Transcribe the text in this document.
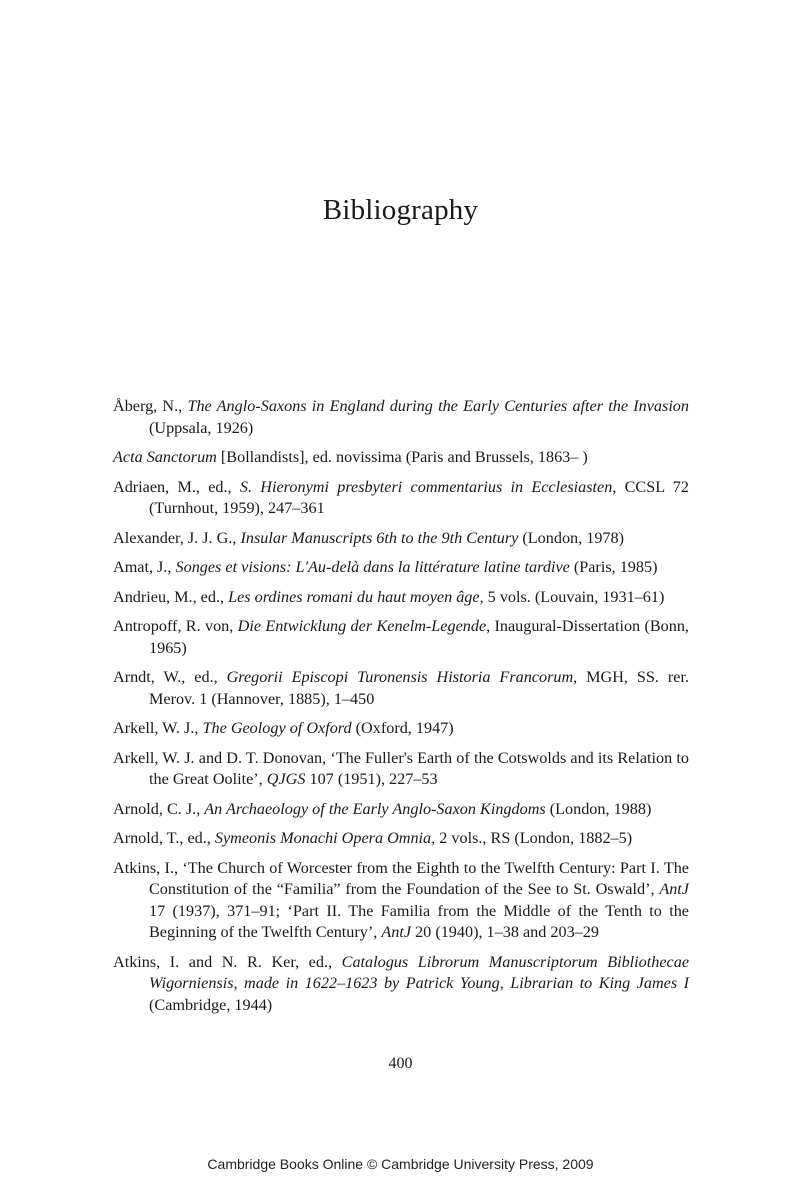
Bibliography
Åberg, N., The Anglo-Saxons in England during the Early Centuries after the Invasion (Uppsala, 1926)
Acta Sanctorum [Bollandists], ed. novissima (Paris and Brussels, 1863– )
Adriaen, M., ed., S. Hieronymi presbyteri commentarius in Ecclesiasten, CCSL 72 (Turnhout, 1959), 247–361
Alexander, J. J. G., Insular Manuscripts 6th to the 9th Century (London, 1978)
Amat, J., Songes et visions: L'Au-delà dans la littérature latine tardive (Paris, 1985)
Andrieu, M., ed., Les ordines romani du haut moyen âge, 5 vols. (Louvain, 1931–61)
Antropoff, R. von, Die Entwicklung der Kenelm-Legende, Inaugural-Dissertation (Bonn, 1965)
Arndt, W., ed., Gregorii Episcopi Turonensis Historia Francorum, MGH, SS. rer. Merov. 1 (Hannover, 1885), 1–450
Arkell, W. J., The Geology of Oxford (Oxford, 1947)
Arkell, W. J. and D. T. Donovan, ‘The Fuller's Earth of the Cotswolds and its Relation to the Great Oolite’, QJGS 107 (1951), 227–53
Arnold, C. J., An Archaeology of the Early Anglo-Saxon Kingdoms (London, 1988)
Arnold, T., ed., Symeonis Monachi Opera Omnia, 2 vols., RS (London, 1882–5)
Atkins, I., ‘The Church of Worcester from the Eighth to the Twelfth Century: Part I. The Constitution of the “Familia” from the Foundation of the See to St. Oswald’, AntJ 17 (1937), 371–91; ‘Part II. The Familia from the Middle of the Tenth to the Beginning of the Twelfth Century’, AntJ 20 (1940), 1–38 and 203–29
Atkins, I. and N. R. Ker, ed., Catalogus Librorum Manuscriptorum Bibliothecae Wigorniensis, made in 1622–1623 by Patrick Young, Librarian to King James I (Cambridge, 1944)
400
Cambridge Books Online © Cambridge University Press, 2009
